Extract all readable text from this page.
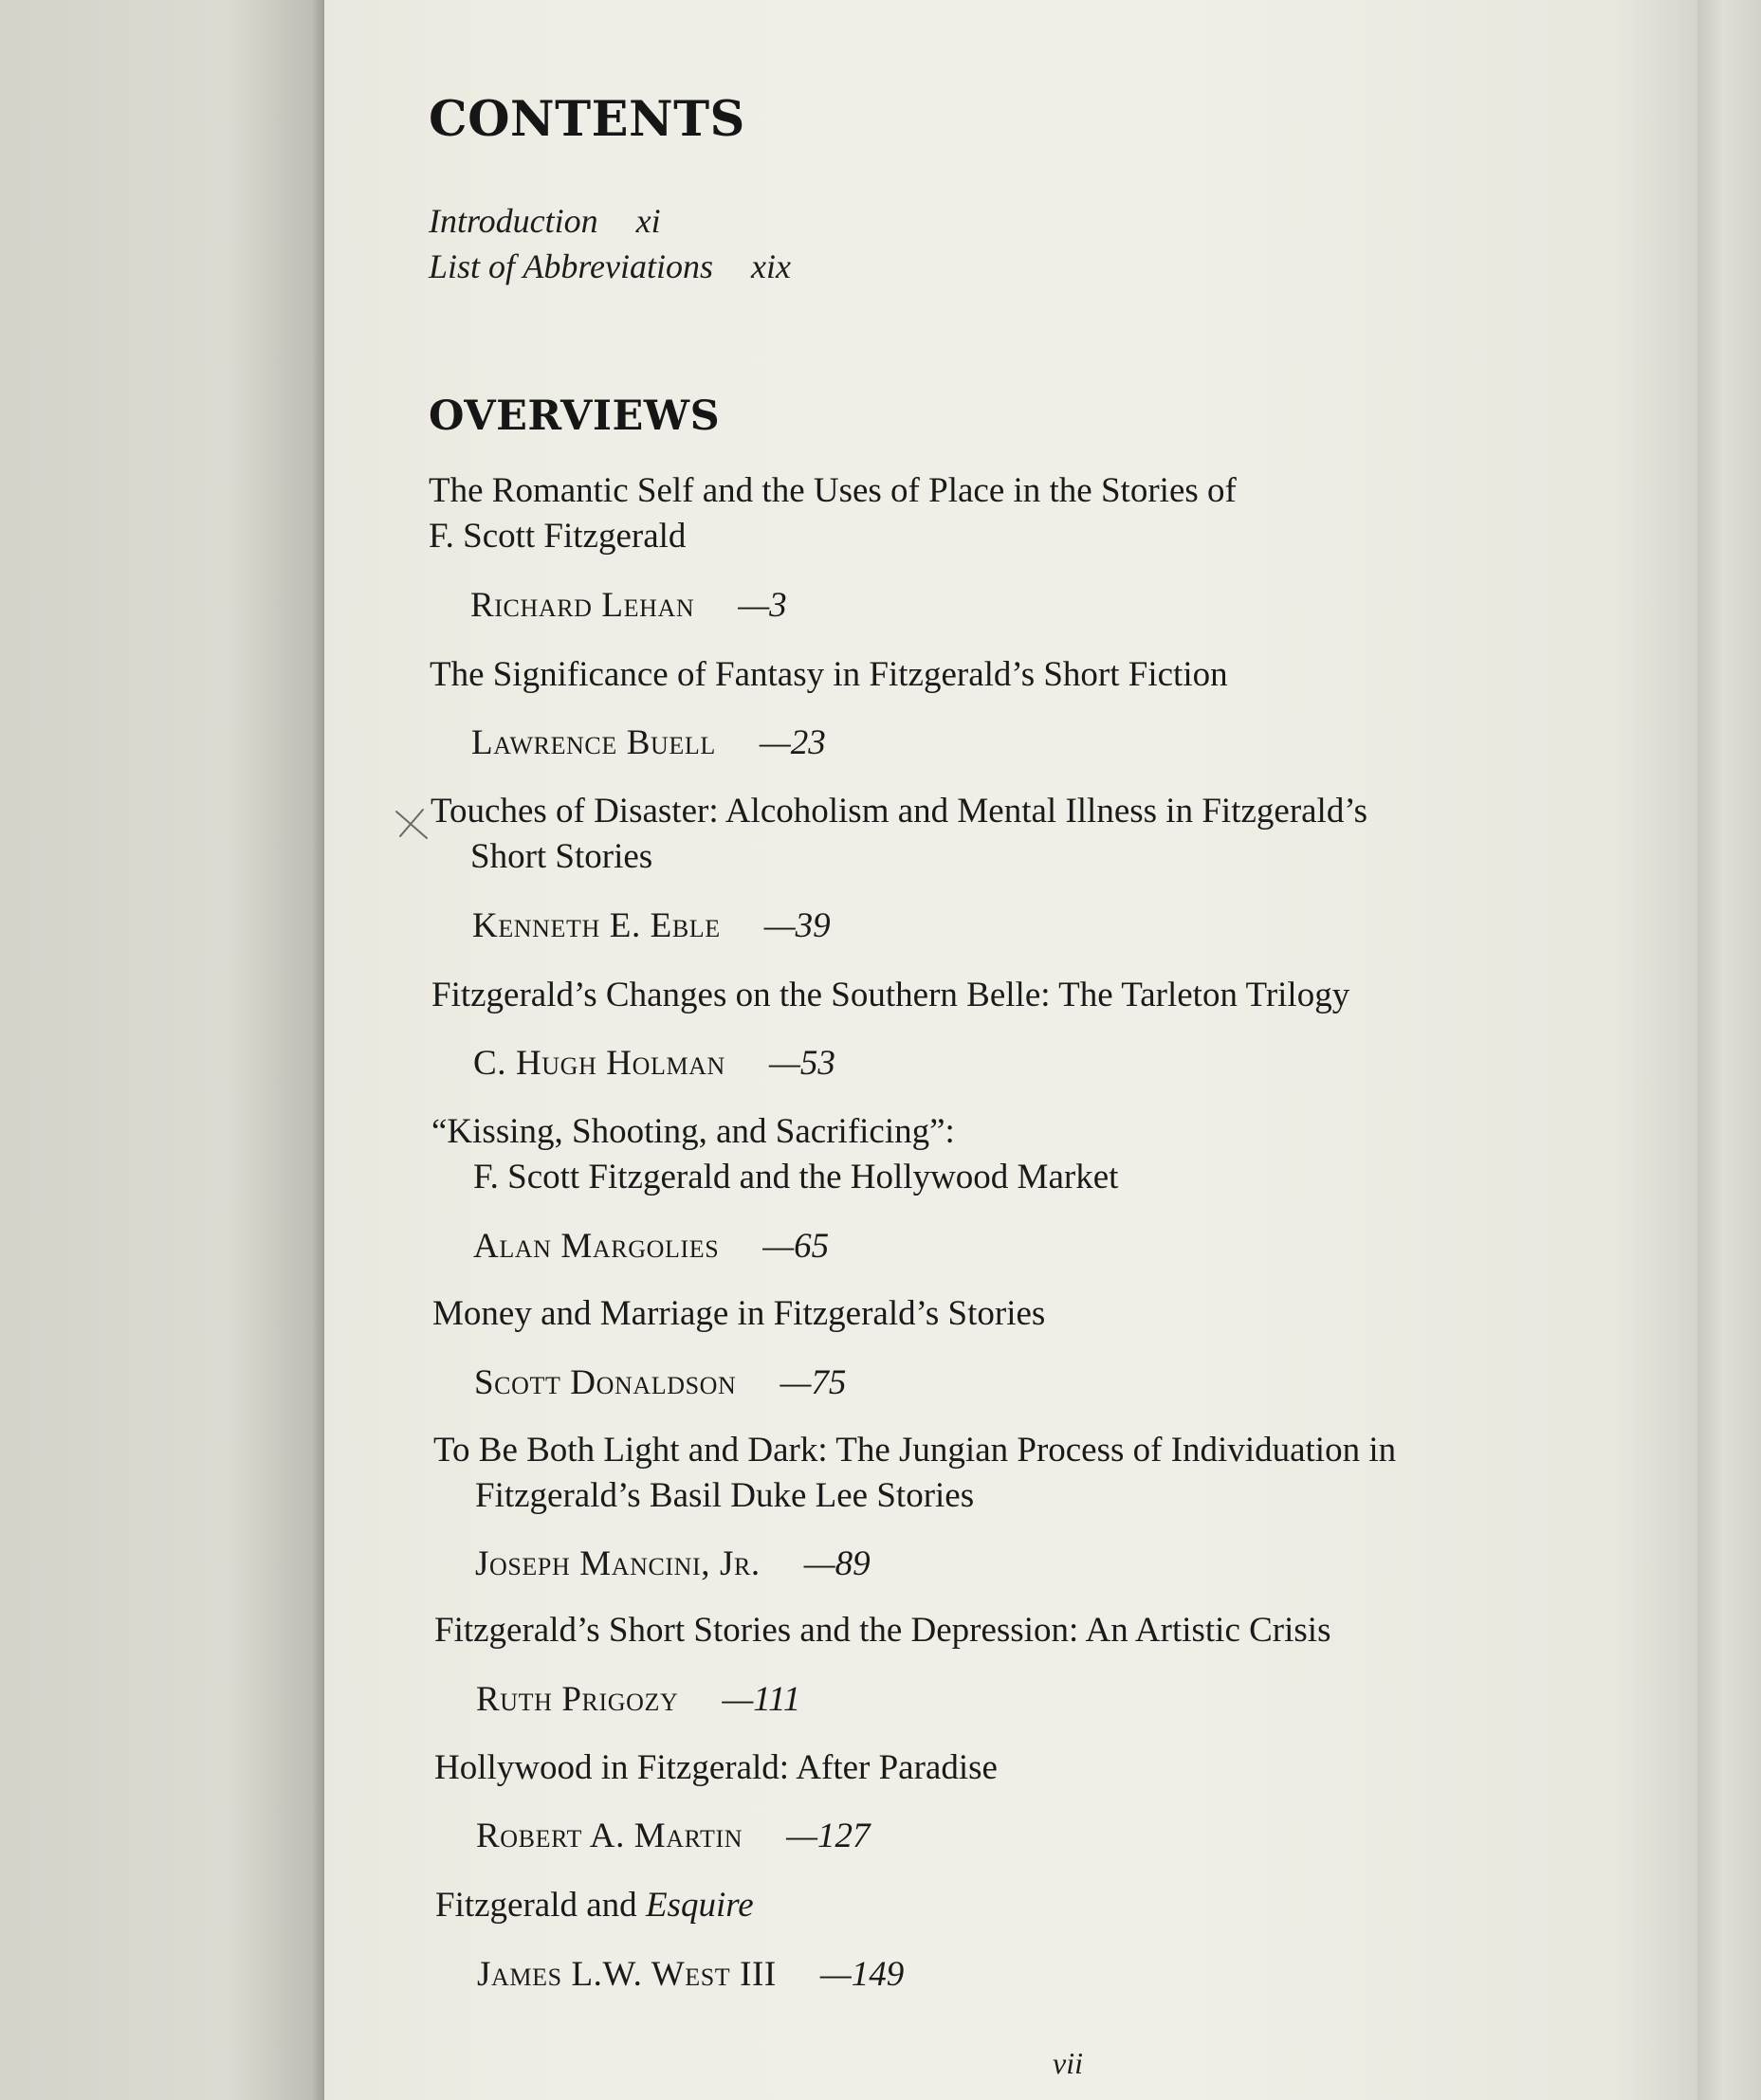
CONTENTS
Introduction xi
List of Abbreviations xix
OVERVIEWS
The Romantic Self and the Uses of Place in the Stories of
F. Scott Fitzgerald
Richard Lehan —3
The Significance of Fantasy in Fitzgerald’s Short Fiction
Lawrence Buell —23
Touches of Disaster: Alcoholism and Mental Illness in Fitzgerald’s
Short Stories
Kenneth E. Eble —39
Fitzgerald’s Changes on the Southern Belle: The Tarleton Trilogy
C. Hugh Holman —53
“Kissing, Shooting, and Sacrificing”:
F. Scott Fitzgerald and the Hollywood Market
Alan Margolies —65
Money and Marriage in Fitzgerald’s Stories
Scott Donaldson —75
To Be Both Light and Dark: The Jungian Process of Individuation in
Fitzgerald’s Basil Duke Lee Stories
Joseph Mancini, Jr. —89
Fitzgerald’s Short Stories and the Depression: An Artistic Crisis
Ruth Prigozy —111
Hollywood in Fitzgerald: After Paradise
Robert A. Martin —127
Fitzgerald and Esquire
James L.W. West III —149
vii
